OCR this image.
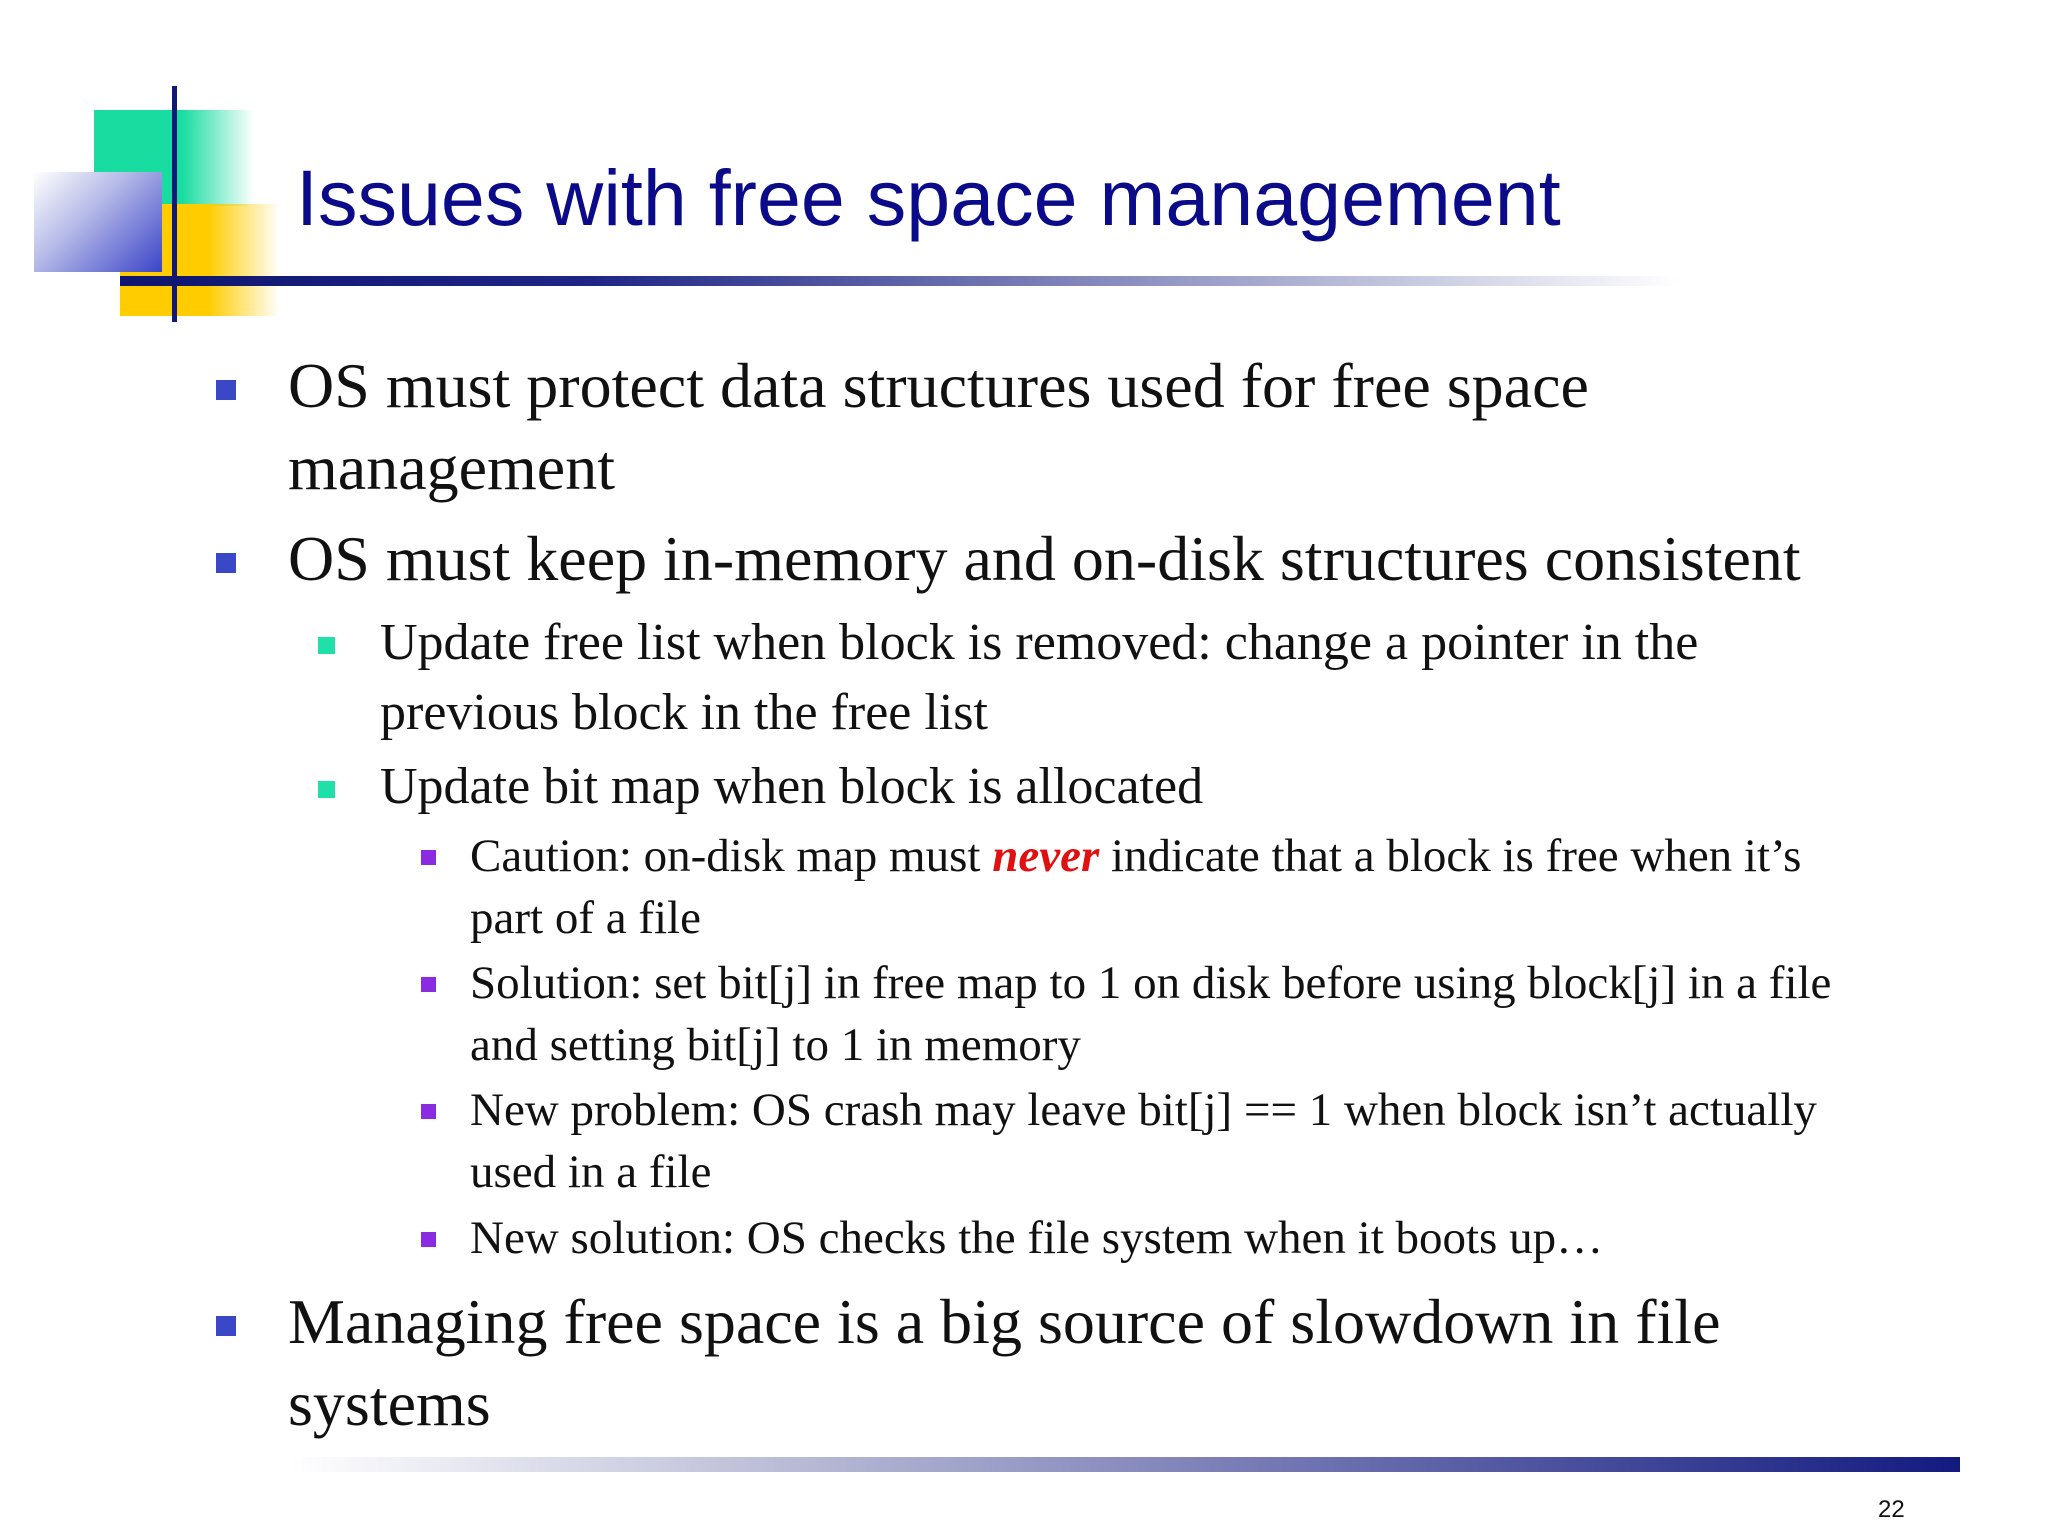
Issues with free space management
OS must protect data structures used for free space
management
OS must keep in-memory and on-disk structures consistent
Update free list when block is removed: change a pointer in the
previous block in the free list
Update bit map when block is allocated
Caution: on-disk map must never indicate that a block is free when it’s
part of a file
Solution: set bit[j] in free map to 1 on disk before using block[j] in a file
and setting bit[j] to 1 in memory
New problem: OS crash may leave bit[j] == 1 when block isn’t actually
used in a file
New solution: OS checks the file system when it boots up…
Managing free space is a big source of slowdown in file
systems
22
